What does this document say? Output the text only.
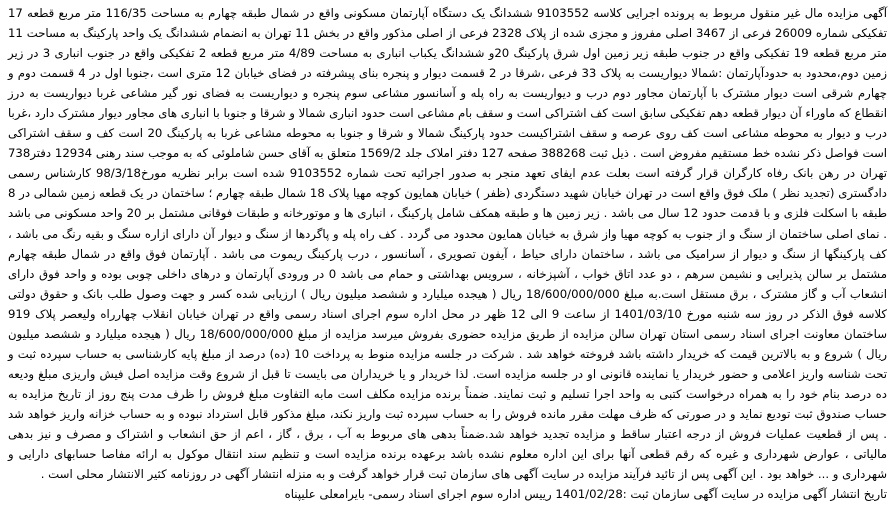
آگهی مزایده مال غیر منقول مربوط به پرونده اجرایی کلاسه 9103552 ششدانگ یک دستگاه آپارتمان مسکونی واقع در شمال طبقه چهارم به مساحت 116/35 متر مربع قطعه 17 تفکیکی شماره 26009 فرعی از 3467 اصلی مفروز و مجزی شده از پلاک 2328 فرعی از اصلی مذکور واقع در بخش 11 تهران به انضمام ششدانگ یک واحد پارکینگ به مساحت 11 متر مربع قطعه 19 تفکیکی واقع در جنوب طبقه زیر زمین اول شرق پارکینگ 20و ششدانگ یکباب انباری به مساحت 4/89 متر مربع قطعه 2 تفکیکی واقع در جنوب انباری 3 در زیر زمین دوم،محدود به حدودآپارتمان :شمالا دیواریست به پلاک 33 فرعی ،شرقا در 2 قسمت دیوار و پنجره بنای پیشرفته در فضای خیابان 12 متری است ،جنوبا اول در 4 قسمت دوم و چهارم شرقی است دیوار مشترک با آپارتمان مجاور دوم درب و دیواریست به راه پله و آسانسور مشاعی سوم پنجره و دیواریست به فضای نور گیر مشاعی غربا دیواریست به درز انقطاع که ماوراء آن دیوار قطعه دهم تفکیکی سابق است کف اشتراکی است و سقف بام مشاعی است حدود انباری شمالا و شرقا و جنوبا با انباری های مجاور دیوار مشترک دارد ،غربا درب و دیوار به محوطه مشاعی است کف روی عرصه و سقف اشتراکیست حدود پارکینگ شمالا و شرقا و جنوبا به محوطه مشاعی غربا به پارکینگ 20 است کف و سقف اشتراکی است فواصل ذکر نشده خط مستقیم مفروض است . ذیل ثبت 388268 صفحه 127 دفتر املاک جلد 1569/2 متعلق به آقای حسن شاملوئی که به موجب سند رهنی 12934 دفتر738 تهران در رهن بانک رفاه کارگران قرار گرفته است بعلت عدم ایفای تعهد منجر به صدور اجرائیه تحت شماره 9103552 شده است برابر نظریه مورخ98/3/18 کارشناس رسمی دادگستری (تجدید نظر ) ملک فوق واقع است در تهران خیابان شهید دستگردی (ظفر ) خیابان همایون کوچه مهیا پلاک 18 شمال طبقه چهارم ؛ ساختمان در یک قطعه زمین شمالی در 8 طبقه با اسکلت فلزی و با قدمت حدود 12 سال می باشد . زیر زمین ها و طبقه همکف شامل پارکینگ ، انباری ها و موتورخانه و طبقات فوقانی مشتمل بر 20 واحد مسکونی می باشد . نمای اصلی ساختمان از سنگ و از جنوب به کوچه مهیا واز شرق به خیابان همایون محدود می گردد . کف راه پله و پاگردها از سنگ و دیوار آن دارای ازاره سنگ و بقیه رنگ می باشد ، کف پارکینگها از سنگ و دیوار از سرامیک می باشد ، ساختمان دارای حیاط ، آیفون تصویری ، آسانسور ، درب پارکینگ ریموت می باشد . آپارتمان فوق واقع در شمال طبقه چهارم مشتمل بر سالن پذیرایی و نشیمن سرهم ، دو عدد اتاق خواب ، آشپزخانه ، سرویس بهداشتی و حمام می باشد 0 در ورودی آپارتمان و درهای داخلی چوبی بوده و واحد فوق دارای انشعاب آب و گاز مشترک ، برق مستقل است.به مبلغ 18/600/000/000 ریال ( هیجده میلیارد و ششصد میلیون ریال ) ارزیابی شده کسر و جهت وصول طلب بانک و حقوق دولتی کلاسه فوق الذکر در روز سه شنبه مورخ 1401/03/10 از ساعت 9 الی 12 ظهر در محل اداره سوم اجرای اسناد رسمی واقع در تهران خیابان انقلاب چهارراه ولیعصر پلاک 919 ساختمان معاونت اجرای اسناد رسمی استان تهران سالن مزایده از طریق مزایده حضوری بفروش میرسد مزایده از مبلغ 18/600/000/000 ریال ( هیجده میلیارد و ششصد میلیون ریال ) شروع و به بالاترین قیمت که خریدار داشته باشد فروخته خواهد شد . شرکت در جلسه مزایده منوط به پرداخت 10 (ده) درصد از مبلغ پایه کارشناسی به حساب سپرده ثبت و تحت شناسه واریز اعلامی و حضور خریدار یا نماینده قانونی او در جلسه مزایده است. لذا خریدار و یا خریداران می بایست تا قبل از شروع وقت مزایده اصل فیش واریزی مبلغ ودیعه ده درصد بنام خود را به همراه درخواست کتبی به واحد اجرا تسلیم و ثبت نمایند. ضمناً برنده مزایده مکلف است مابه التفاوت مبلغ فروش را ظرف مدت پنج روز از تاریخ مزایده به حساب صندوق ثبت تودیع نماید و در صورتی که ظرف مهلت مقرر مانده فروش را به حساب سپرده ثبت واریز نکند، مبلغ مذکور قابل استرداد نبوده و به حساب خزانه واریز خواهد شد . پس از قطعیت عملیات فروش از درجه اعتبار ساقط و مزایده تجدید خواهد شد.ضمناً بدهی های مربوط به آب ، برق ، گاز ، اعم از حق انشعاب و اشتراک و مصرف و نیز بدهی مالیاتی ، عوارض شهرداری و غیره که رقم قطعی آنها برای این اداره معلوم نشده باشد برعهده برنده مزایده است و تنظیم سند انتقال موکول به ارائه مفاصا حسابهای دارایی و شهرداری و ... خواهد بود . این آگهی پس از تائید فرآیند مزایده در سایت آگهی های سازمان ثبت قرار خواهد گرفت و به منزله انتشار آگهی در روزنامه کثیر الانتشار محلی است .

تاریخ انتشار آگهی مزایده در سایت آگهی سازمان ثبت :1401/02/28 رییس اداره سوم اجرای اسناد رسمی- بایرامعلی علیپناه
